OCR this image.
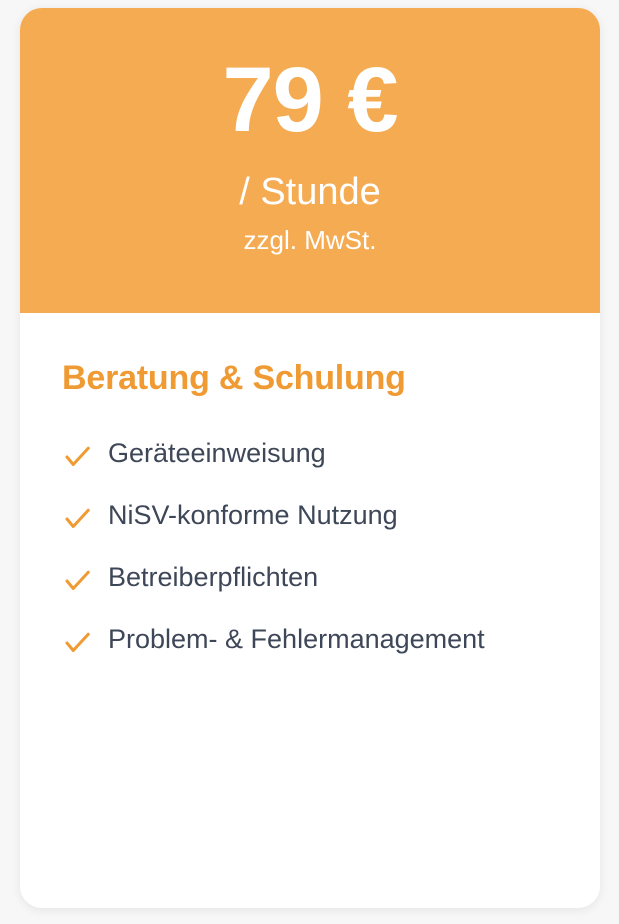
79 €
/ Stunde
zzgl. MwSt.
Beratung & Schulung
Geräteeinweisung
NiSV-konforme Nutzung
Betreiberpflichten
Problem- & Fehlermanagement
